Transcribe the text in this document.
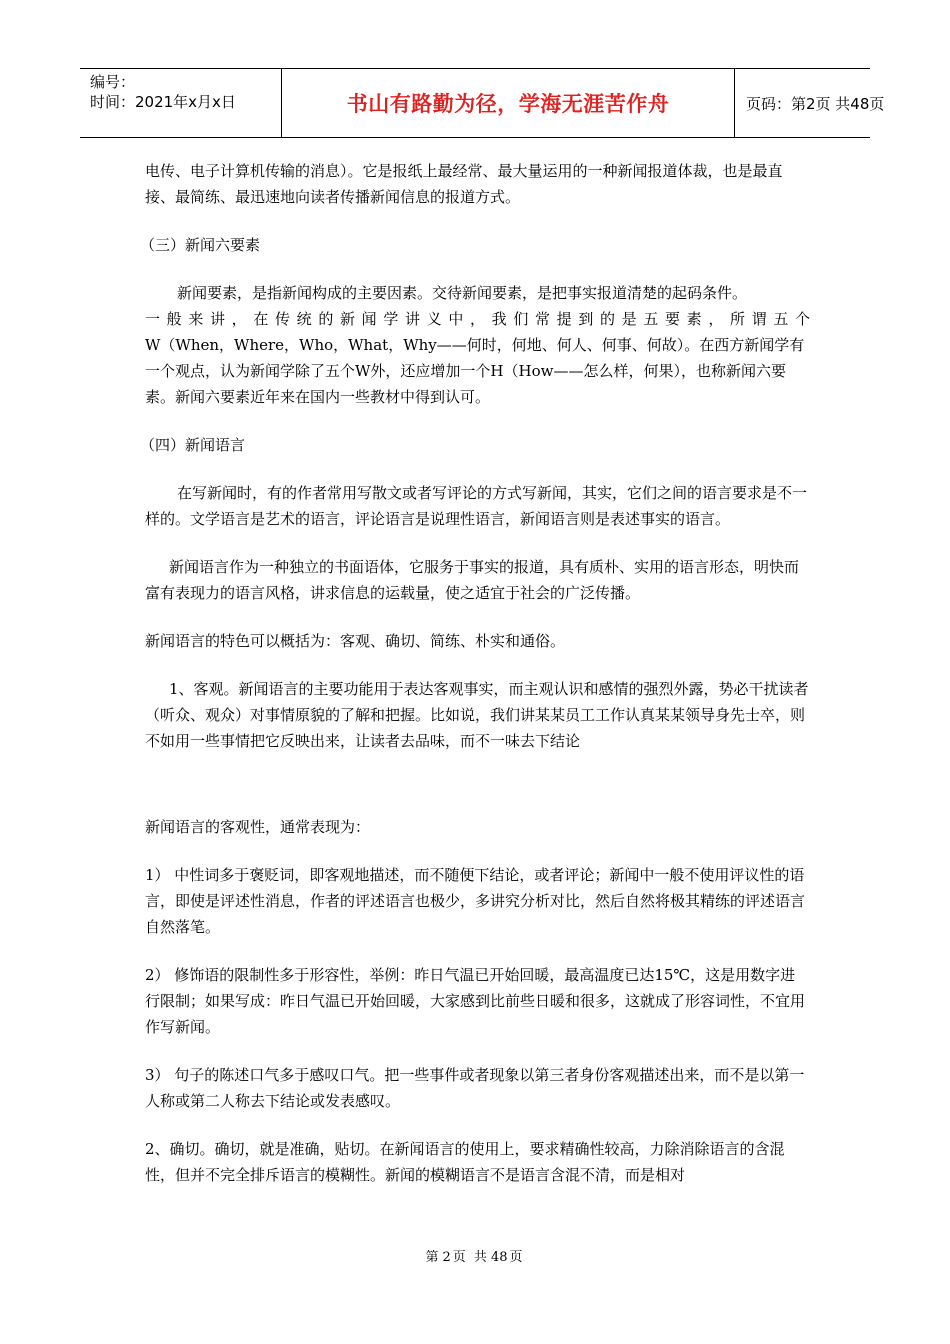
编号：
时间：2021年x月x日	书山有路勤为径，学海无涯苦作舟	页码：第2页 共48页

电传、电子计算机传输的消息）。它是报纸上最经常、最大量运用的一种新闻报道体裁，也是最直接、最简练、最迅速地向读者传播新闻信息的报道方式。

（三）新闻六要素

新闻要素，是指新闻构成的主要因素。交待新闻要素，是把事实报道清楚的起码条件。

一般来讲，在传统的新闻学讲义中，我们常提到的是五要素，所谓五个

W（When，Where，Who，What，Why——何时，何地、何人、何事、何故）。在西方新闻学有一个观点，认为新闻学除了五个W外，还应增加一个H（How——怎么样，何果），也称新闻六要素。新闻六要素近年来在国内一些教材中得到认可。

（四）新闻语言

在写新闻时，有的作者常用写散文或者写评论的方式写新闻，其实，它们之间的语言要求是不一样的。文学语言是艺术的语言，评论语言是说理性语言，新闻语言则是表述事实的语言。

新闻语言作为一种独立的书面语体，它服务于事实的报道，具有质朴、实用的语言形态，明快而富有表现力的语言风格，讲求信息的运载量，使之适宜于社会的广泛传播。

新闻语言的特色可以概括为：客观、确切、简练、朴实和通俗。

1、客观。新闻语言的主要功能用于表达客观事实，而主观认识和感情的强烈外露，势必干扰读者（听众、观众）对事情原貌的了解和把握。比如说，我们讲某某员工工作认真某某领导身先士卒，则不如用一些事情把它反映出来，让读者去品味，而不一味去下结论

新闻语言的客观性，通常表现为：

1） 中性词多于褒贬词，即客观地描述，而不随便下结论，或者评论；新闻中一般不使用评议性的语言，即使是评述性消息，作者的评述语言也极少，多讲究分析对比，然后自然将极其精练的评述语言自然落笔。

2） 修饰语的限制性多于形容性，举例：昨日气温已开始回暖，最高温度已达15℃，这是用数字进行限制；如果写成：昨日气温已开始回暖，大家感到比前些日暖和很多，这就成了形容词性，不宜用作写新闻。

3） 句子的陈述口气多于感叹口气。把一些事件或者现象以第三者身份客观描述出来，而不是以第一人称或第二人称去下结论或发表感叹。

2、确切。确切，就是准确，贴切。在新闻语言的使用上，要求精确性较高，力除消除语言的含混性，但并不完全排斥语言的模糊性。新闻的模糊语言不是语言含混不清，而是相对

第 2 页 共 48 页
